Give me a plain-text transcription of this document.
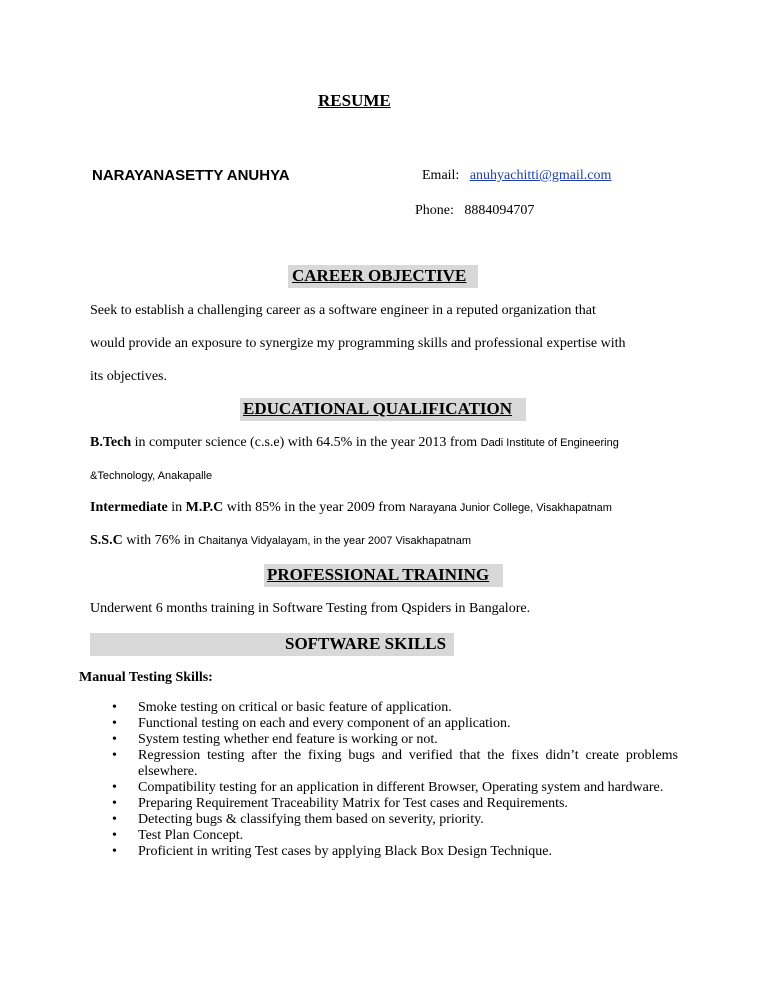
RESUME
NARAYANASETTY ANUHYA	Email: anuhyachitti@gmail.com
Phone: 8884094707
CAREER OBJECTIVE
Seek to establish a challenging career as a software engineer in a reputed organization that
would provide an exposure to synergize my programming skills and professional expertise with
its objectives.
EDUCATIONAL QUALIFICATION
B.Tech in computer science (c.s.e) with 64.5% in the year 2013 from Dadi Institute of Engineering
&Technology, Anakapalle
Intermediate in M.P.C with 85% in the year 2009 from Narayana Junior College, Visakhapatnam
S.S.C with 76% in Chaitanya Vidyalayam, in the year 2007 Visakhapatnam
PROFESSIONAL TRAINING
Underwent 6 months training in Software Testing from Qspiders in Bangalore.
SOFTWARE SKILLS
Manual Testing Skills:
•	Smoke testing on critical or basic feature of application.
•	Functional testing on each and every component of an application.
•	System testing whether end feature is working or not.
•	Regression testing after the fixing bugs and verified that the fixes didn’t create problems elsewhere.
•	Compatibility testing for an application in different Browser, Operating system and hardware.
•	Preparing Requirement Traceability Matrix for Test cases and Requirements.
•	Detecting bugs & classifying them based on severity, priority.
•	Test Plan Concept.
•	Proficient in writing Test cases by applying Black Box Design Technique.
